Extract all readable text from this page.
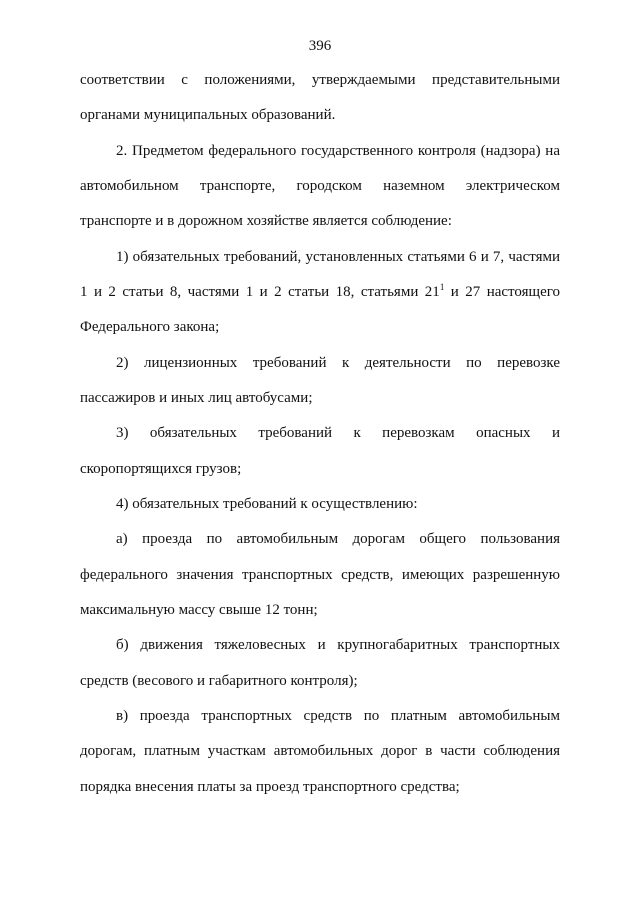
396
соответствии с положениями, утверждаемыми представительными
органами муниципальных образований.
2. Предметом федерального государственного контроля (надзора) на
автомобильном транспорте, городском наземном электрическом
транспорте и в дорожном хозяйстве является соблюдение:
1) обязательных требований, установленных статьями 6 и 7, частями
1 и 2 статьи 8, частями 1 и 2 статьи 18, статьями $21^1$ и 27 настоящего
Федерального закона;
2) лицензионных требований к деятельности по перевозке
пассажиров и иных лиц автобусами;
3) обязательных требований к перевозкам опасных и
скоропортящихся грузов;
4) обязательных требований к осуществлению:
а) проезда по автомобильным дорогам общего пользования
федерального значения транспортных средств, имеющих разрешенную
максимальную массу свыше 12 тонн;
б) движения тяжеловесных и крупногабаритных транспортных
средств (весового и габаритного контроля);
в) проезда транспортных средств по платным автомобильным
дорогам, платным участкам автомобильных дорог в части соблюдения
порядка внесения платы за проезд транспортного средства;
